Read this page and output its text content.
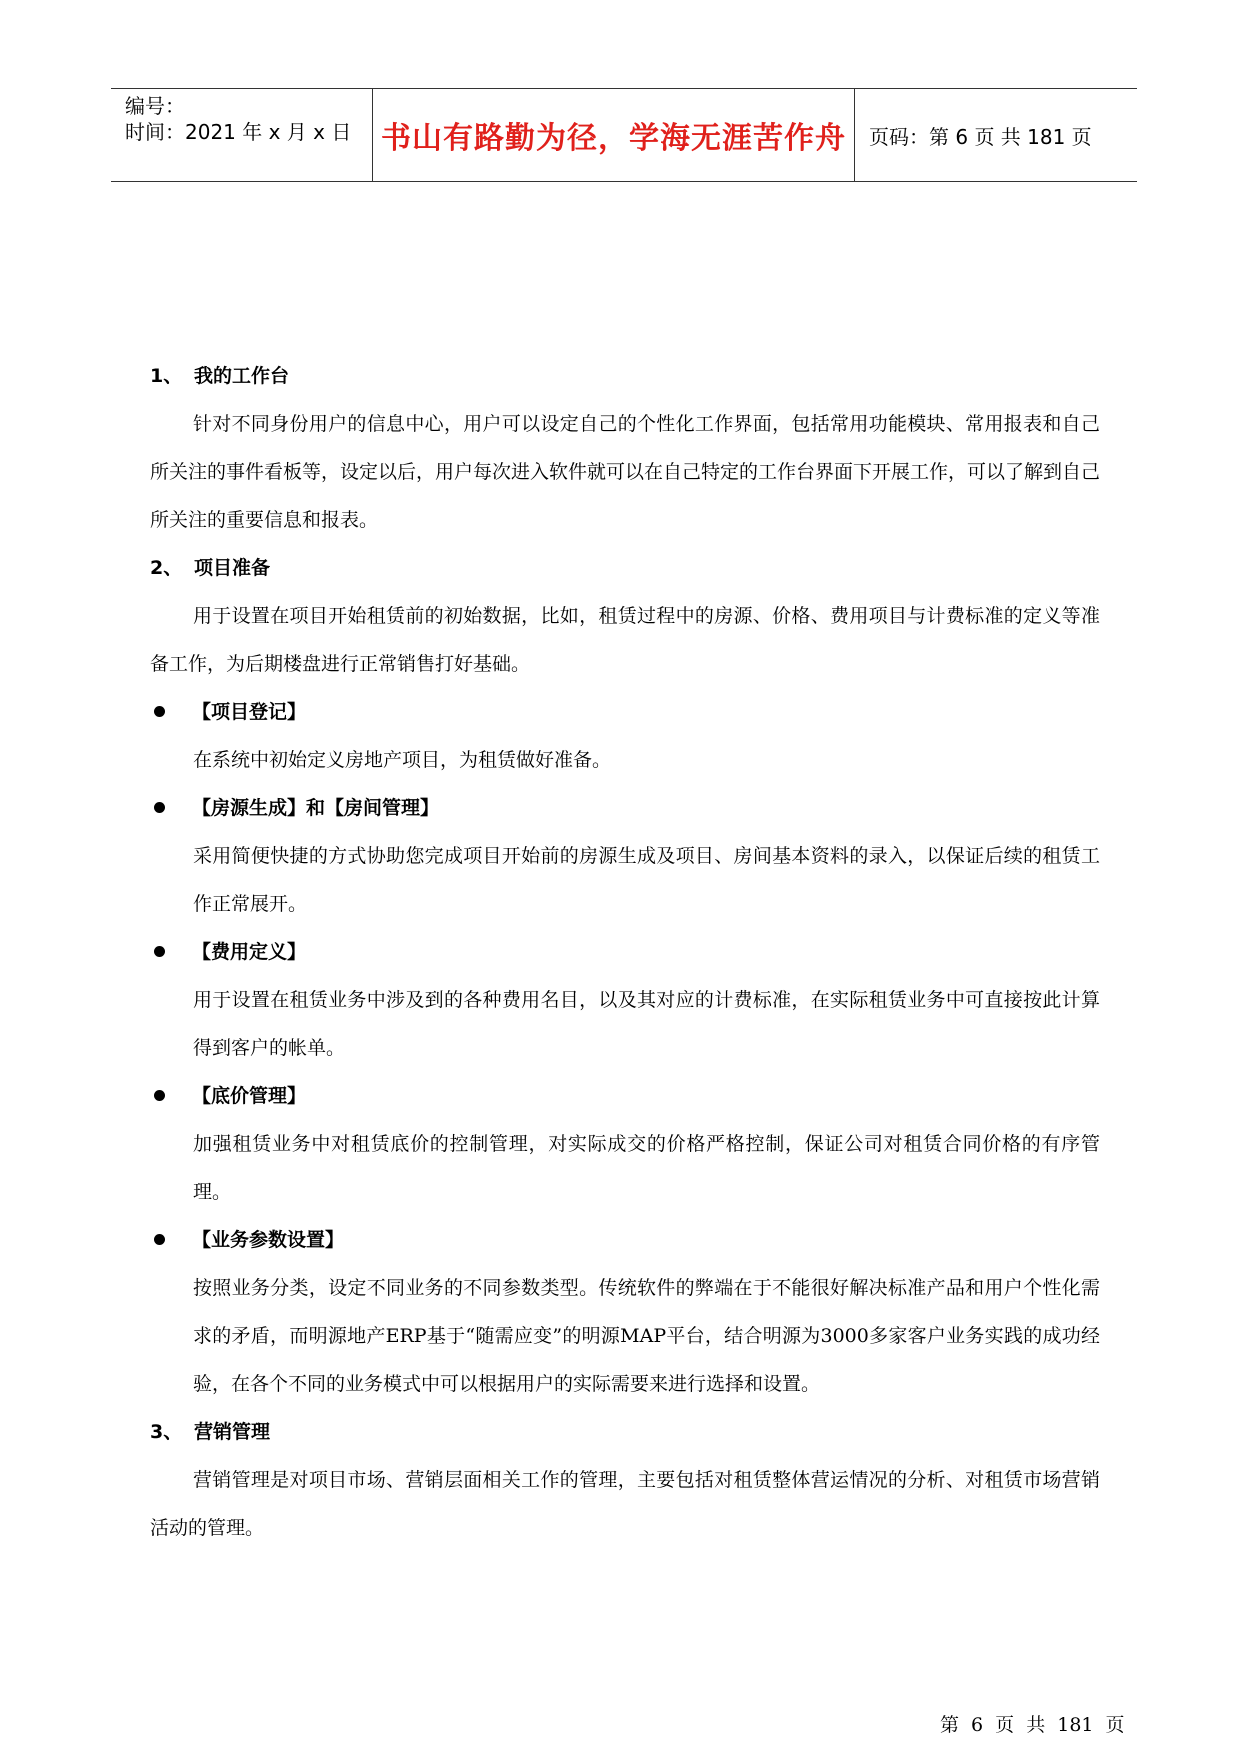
编号：
时间：2021 年 x 月 x 日 书山有路勤为径，学海无涯苦作舟 页码：第 6 页 共 181 页
1、 我的工作台

针对不同身份用户的信息中心，用户可以设定自己的个性化工作界面，包括常用功能模块、常用报表和自己所关注的事件看板等，设定以后，用户每次进入软件就可以在自己特定的工作台界面下开展工作，可以了解到自己所关注的重要信息和报表。

2、 项目准备

用于设置在项目开始租赁前的初始数据，比如，租赁过程中的房源、价格、费用项目与计费标准的定义等准备工作，为后期楼盘进行正常销售打好基础。

【项目登记】

在系统中初始定义房地产项目，为租赁做好准备。

【房源生成】和【房间管理】

采用简便快捷的方式协助您完成项目开始前的房源生成及项目、房间基本资料的录入，以保证后续的租赁工作正常展开。

【费用定义】

用于设置在租赁业务中涉及到的各种费用名目，以及其对应的计费标准，在实际租赁业务中可直接按此计算得到客户的帐单。

【底价管理】

加强租赁业务中对租赁底价的控制管理，对实际成交的价格严格控制，保证公司对租赁合同价格的有序管理。

【业务参数设置】

按照业务分类，设定不同业务的不同参数类型。传统软件的弊端在于不能很好解决标准产品和用户个性化需求的矛盾，而明源地产ERP基于“随需应变”的明源MAP平台，结合明源为3000多家客户业务实践的成功经验，在各个不同的业务模式中可以根据用户的实际需要来进行选择和设置。

3、 营销管理

营销管理是对项目市场、营销层面相关工作的管理，主要包括对租赁整体营运情况的分析、对租赁市场营销活动的管理。

第 6 页 共 181 页
